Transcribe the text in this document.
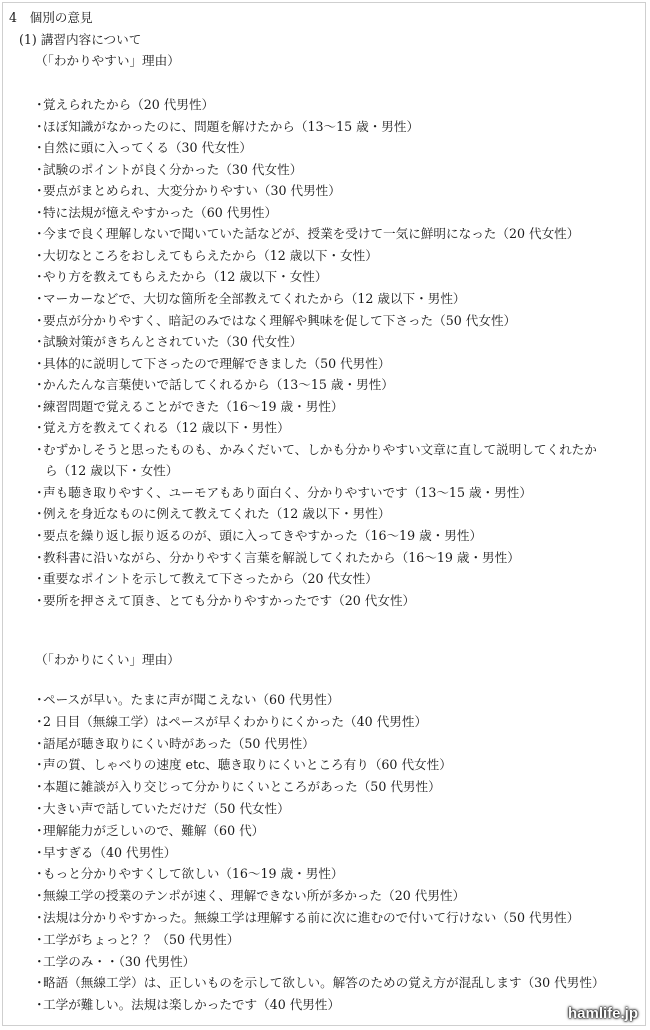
4　個別の意見
(1) 講習内容について
（「わかりやすい」理由）
・覚えられたから（20 代男性）
・ほぼ知識がなかったのに、問題を解けたから（13～15 歳・男性）
・自然に頭に入ってくる（30 代女性）
・試験のポイントが良く分かった（30 代女性）
・要点がまとめられ、大変分かりやすい（30 代男性）
・特に法規が憶えやすかった（60 代男性）
・今まで良く理解しないで聞いていた話などが、授業を受けて一気に鮮明になった（20 代女性）
・大切なところをおしえてもらえたから（12 歳以下・女性）
・やり方を教えてもらえたから（12 歳以下・女性）
・マーカーなどで、大切な箇所を全部教えてくれたから（12 歳以下・男性）
・要点が分かりやすく、暗記のみではなく理解や興味を促して下さった（50 代女性）
・試験対策がきちんとされていた（30 代女性）
・具体的に説明して下さったので理解できました（50 代男性）
・かんたんな言葉使いで話してくれるから（13～15 歳・男性）
・練習問題で覚えることができた（16～19 歳・男性）
・覚え方を教えてくれる（12 歳以下・男性）
・むずかしそうと思ったものも、かみくだいて、しかも分かりやすい文章に直して説明してくれたか
ら（12 歳以下・女性）
・声も聴き取りやすく、ユーモアもあり面白く、分かりやすいです（13～15 歳・男性）
・例えを身近なものに例えて教えてくれた（12 歳以下・男性）
・要点を繰り返し振り返るのが、頭に入ってきやすかった（16～19 歳・男性）
・教科書に沿いながら、分かりやすく言葉を解説してくれたから（16～19 歳・男性）
・重要なポイントを示して教えて下さったから（20 代女性）
・要所を押さえて頂き、とても分かりやすかったです（20 代女性）
（「わかりにくい」理由）
・ペースが早い。たまに声が聞こえない（60 代男性）
・2 日目（無線工学）はペースが早くわかりにくかった（40 代男性）
・語尾が聴き取りにくい時があった（50 代男性）
・声の質、しゃべりの速度 etc、聴き取りにくいところ有り（60 代女性）
・本題に雑談が入り交じって分かりにくいところがあった（50 代男性）
・大きい声で話していただけだ（50 代女性）
・理解能力が乏しいので、難解（60 代）
・早すぎる（40 代男性）
・もっと分かりやすくして欲しい（16～19 歳・男性）
・無線工学の授業のテンポが速く、理解できない所が多かった（20 代男性）
・法規は分かりやすかった。無線工学は理解する前に次に進むので付いて行けない（50 代男性）
・工学がちょっと？？（50 代男性）
・工学のみ・・（30 代男性）
・略語（無線工学）は、正しいものを示して欲しい。解答のための覚え方が混乱します（30 代男性）
・工学が難しい。法規は楽しかったです（40 代男性）
hamlife.jp
